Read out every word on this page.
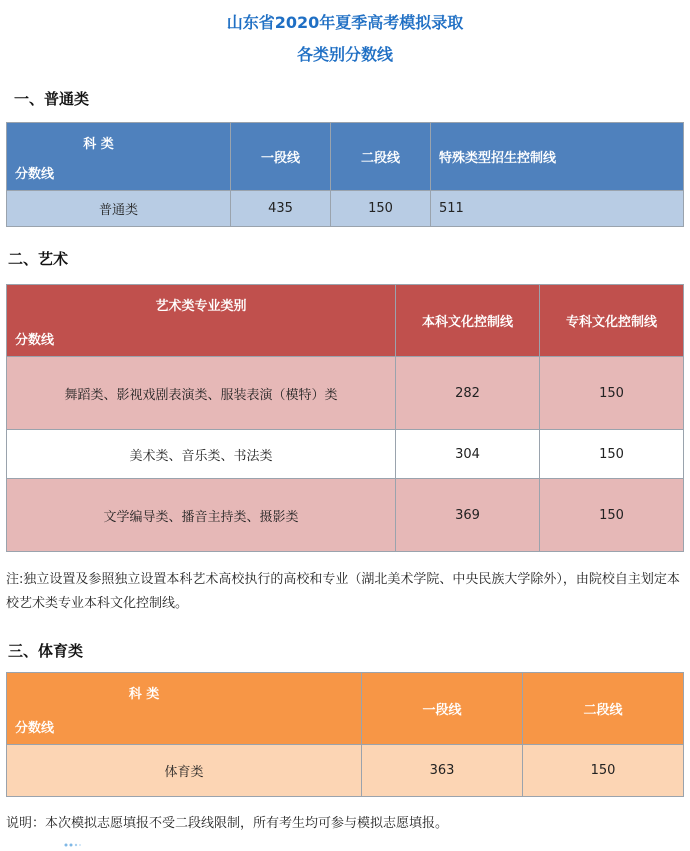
山东省2020年夏季高考模拟录取
各类别分数线
一、普通类
科 类
分数线	一段线	二段线	特殊类型招生控制线
普通类	435	150	511
二、艺术
艺术类专业类别
分数线	本科文化控制线	专科文化控制线
舞蹈类、影视戏剧表演类、服装表演（模特）类	282	150
美术类、音乐类、书法类	304	150
文学编导类、播音主持类、摄影类	369	150
注:独立设置及参照独立设置本科艺术高校执行的高校和专业（湖北美术学院、中央民族大学除外），由院校自主划定本校艺术类专业本科文化控制线。
三、体育类
科 类
分数线	一段线	二段线
体育类	363	150
说明：本次模拟志愿填报不受二段线限制，所有考生均可参与模拟志愿填报。
